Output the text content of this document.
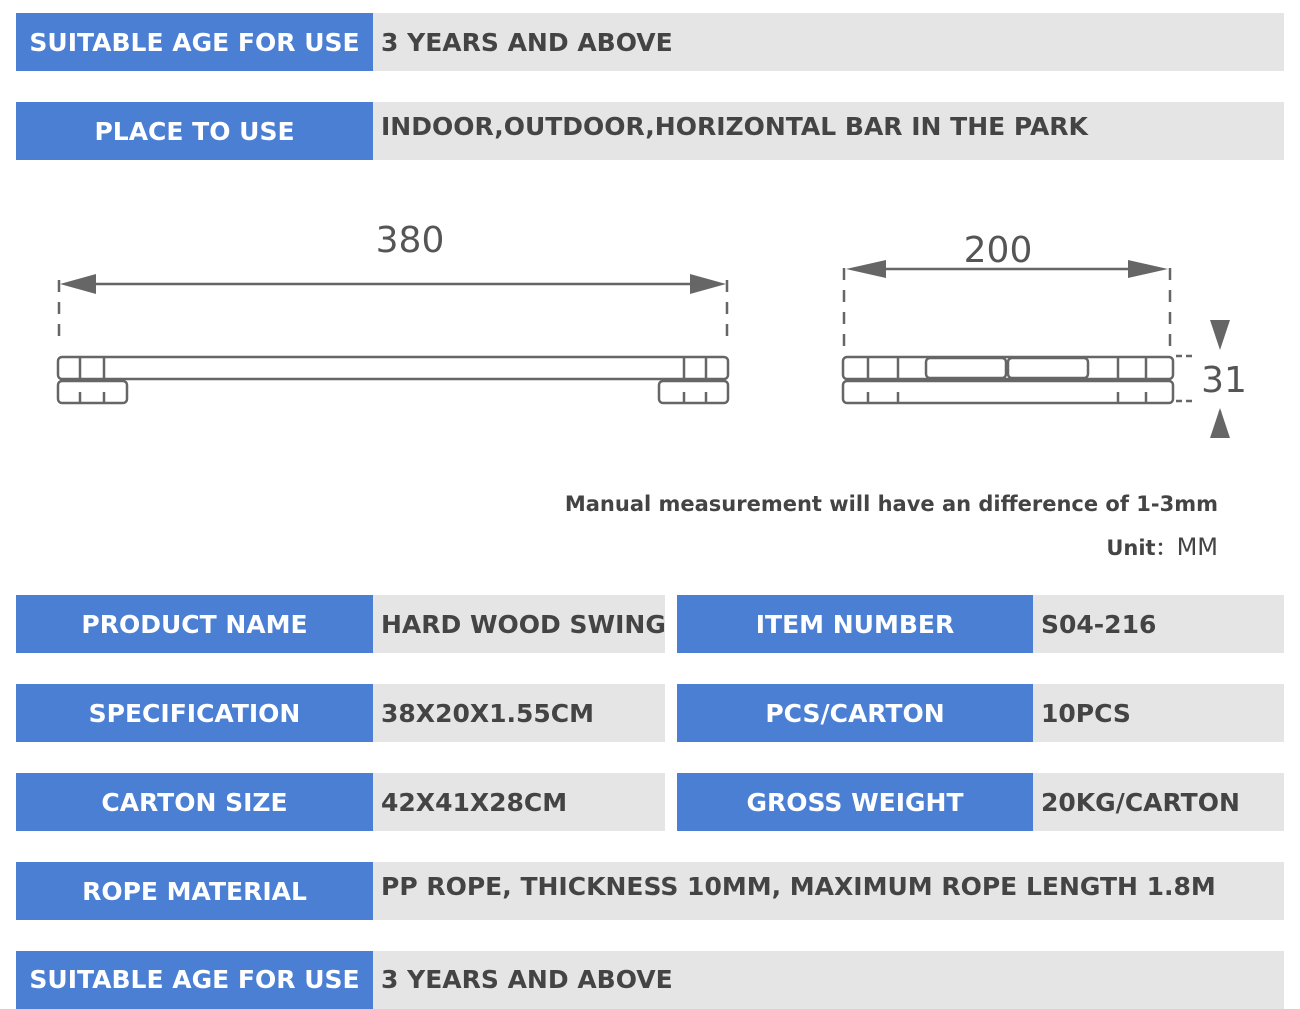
SUITABLE AGE FOR USE 3 YEARS AND ABOVE
PLACE TO USE	INDOOR,OUTDOOR,HORIZONTAL BAR IN THE PARK
380	200
31
Manual measurement will have an difference of 1-3mm
Unit：MM
PRODUCT NAME	HARD WOOD SWING	ITEM NUMBER	S04-216
SPECIFICATION	38X20X1.55CM	PCS/CARTON	10PCS
CARTON SIZE	42X41X28CM	GROSS WEIGHT	20KG/CARTON
ROPE MATERIAL	PP ROPE, THICKNESS 10MM, MAXIMUM ROPE LENGTH 1.8M
SUITABLE AGE FOR USE 3 YEARS AND ABOVE
